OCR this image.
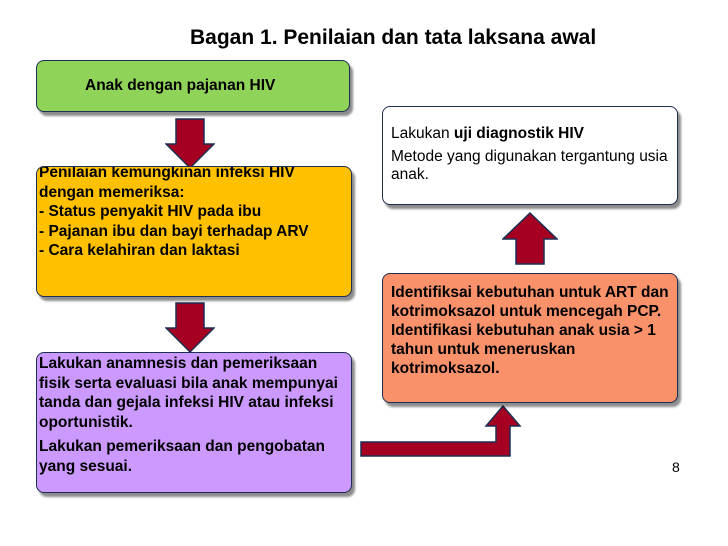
Bagan 1. Penilaian dan tata laksana awal
Anak dengan pajanan HIV

Penilaian kemungkinan infeksi HIV dengan memeriksa:

- Status penyakit HIV pada ibu

- Pajanan ibu dan bayi terhadap ARV

- Cara kelahiran dan laktasi

Lakukan anamnesis dan pemeriksaan fisik serta evaluasi bila anak mempunyai tanda dan gejala infeksi HIV atau infeksi oportunistik.

Lakukan pemeriksaan dan pengobatan yang sesuai.

Identifiksai kebutuhan untuk ART dan kotrimoksazol untuk mencegah PCP. Identifikasi kebutuhan anak usia > 1 tahun untuk meneruskan kotrimoksazol.

Lakukan uji diagnostik HIV

Metode yang digunakan tergantung usia anak.

8
